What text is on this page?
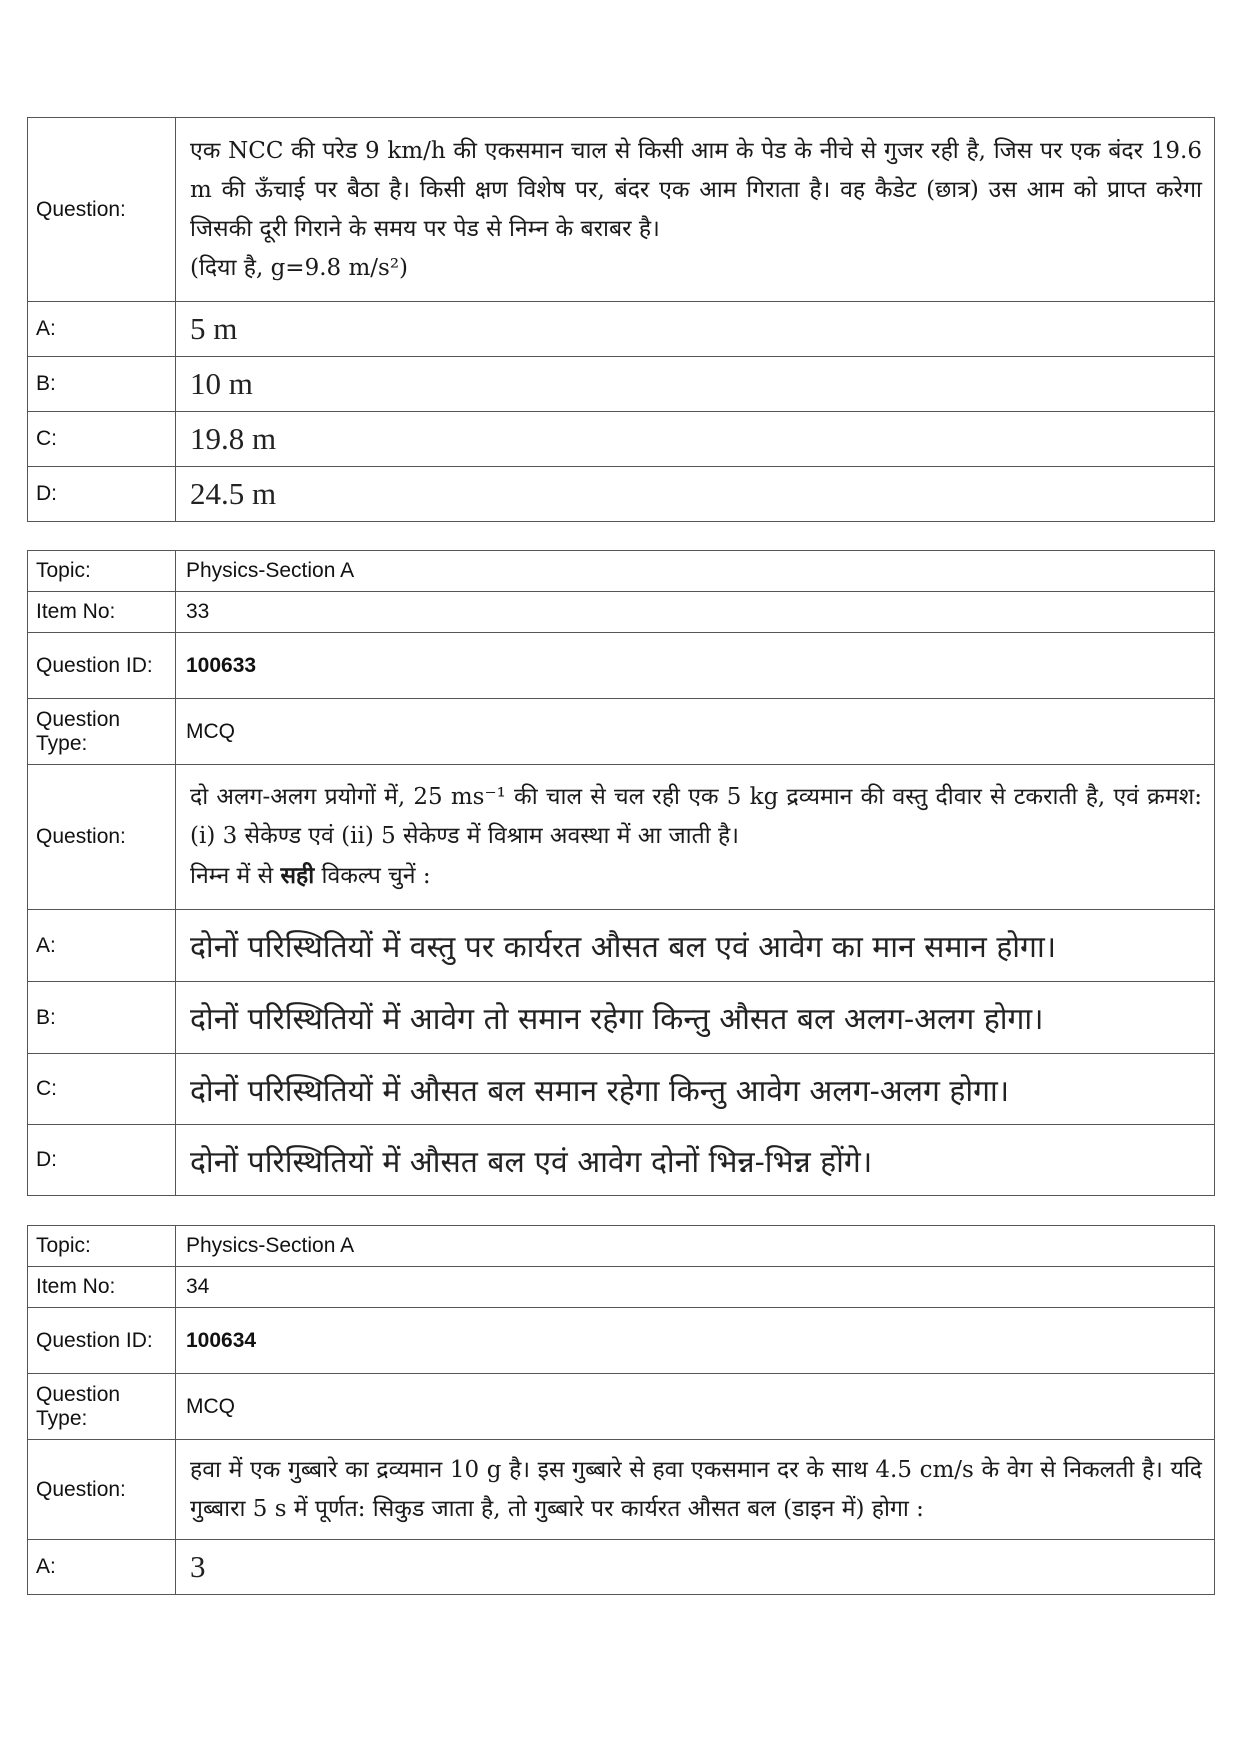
Question:	एक NCC की परेड 9 km/h की एकसमान चाल से किसी आम के पेड के नीचे से गुजर रही है, जिस पर एक बंदर 19.6 m की ऊँचाई पर बैठा है। किसी क्षण विशेष पर, बंदर एक आम गिराता है। वह कैडेट (छात्र) उस आम को प्राप्त करेगा जिसकी दूरी गिराने के समय पर पेड से निम्न के बराबर है।

(दिया है, g=9.8 m/s²)

A:	5 m
B:	10 m
C:	19.8 m
D:	24.5 m
Topic:	Physics-Section A
Item No:	33
Question ID:	100633
Question Type:	MCQ
Question:	दो अलग-अलग प्रयोगों में, 25 ms⁻¹ की चाल से चल रही एक 5 kg द्रव्यमान की वस्तु दीवार से टकराती है, एवं क्रमश: (i) 3 सेकेण्ड एवं (ii) 5 सेकेण्ड में विश्राम अवस्था में आ जाती है।

निम्न में से सही विकल्प चुनें :

A:	दोनों परिस्थितियों में वस्तु पर कार्यरत औसत बल एवं आवेग का मान समान होगा।
B:	दोनों परिस्थितियों में आवेग तो समान रहेगा किन्तु औसत बल अलग-अलग होगा।
C:	दोनों परिस्थितियों में औसत बल समान रहेगा किन्तु आवेग अलग-अलग होगा।
D:	दोनों परिस्थितियों में औसत बल एवं आवेग दोनों भिन्न-भिन्न होंगे।
Topic:	Physics-Section A
Item No:	34
Question ID:	100634
Question Type:	MCQ
Question:	हवा में एक गुब्बारे का द्रव्यमान 10 g है। इस गुब्बारे से हवा एकसमान दर के साथ 4.5 cm/s के वेग से निकलती है। यदि गुब्बारा 5 s में पूर्णत: सिकुड जाता है, तो गुब्बारे पर कार्यरत औसत बल (डाइन में) होगा :

A:	3
